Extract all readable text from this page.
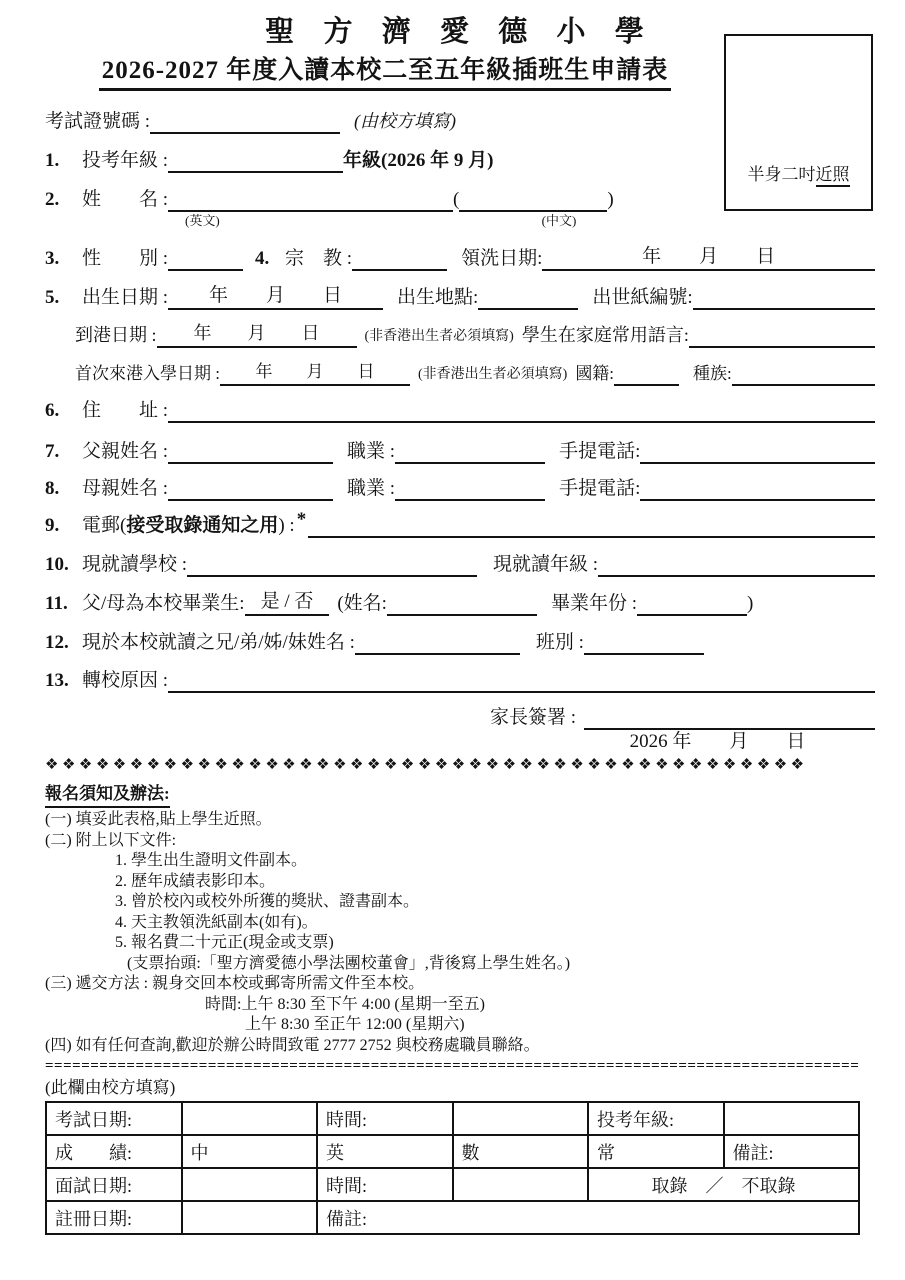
半身二吋近照
聖 方 濟 愛 德 小 學
2026-2027 年度入讀本校二至五年級插班生申請表
考試證號碼 :	(由校方填寫)
1.	投考年級 :	年級(2026 年 9 月)
2.	姓　　名 :	(	)
(英文)	(中文)
3.	性　　別 :	4. 宗　教 :	領洗日期:	年　　月　　日
5.	出生日期 :	年　　月　　日	出生地點:	出世紙編號:
到港日期 :	年　　月　　日	(非香港出生者必須填寫) 學生在家庭常用語言:
首次來港入學日期 :	年　　月　　日	(非香港出生者必須填寫) 國籍:	種族:
6.	住　　址 :
7.	父親姓名 :	職業 :	手提電話:
8.	母親姓名 :	職業 :	手提電話:
9.	電郵( 接受取錄通知之用 ) : *
10. 現就讀學校 :	現就讀年級 :
11. 父/母為本校畢業生: 是 / 否	(姓名:	畢業年份 :	)
12. 現於本校就讀之兄/弟/姊/妹姓名 :	班別 :
13. 轉校原因 :
家長簽署 :
2026 年　　月　　日
❖❖❖❖❖❖❖❖❖❖❖❖❖❖❖❖❖❖❖❖❖❖❖❖❖❖❖❖❖❖❖❖❖❖❖❖❖❖❖❖❖❖❖❖❖
報名須知及辦法:
(一) 填妥此表格,貼上學生近照。
(二) 附上以下文件:
1. 學生出生證明文件副本。
2. 歷年成績表影印本。
3. 曾於校內或校外所獲的獎狀、證書副本。
4. 天主教領洗紙副本(如有)。
5. 報名費二十元正(現金或支票)
(支票抬頭:「聖方濟愛德小學法團校董會」,背後寫上學生姓名。)
(三) 遞交方法 : 親身交回本校或郵寄所需文件至本校。
時間:上午 8:30 至下午 4:00 (星期一至五)
上午 8:30 至正午 12:00 (星期六)
(四) 如有任何查詢,歡迎於辦公時間致電 2777 2752 與校務處職員聯絡。
==========================================================================================
(此欄由校方填寫)
考試日期:		時間:		投考年級:	
成　　績:	中	英	數	常	備註:
面試日期:		時間:		取錄　／　不取錄	
註冊日期:		備註:			
